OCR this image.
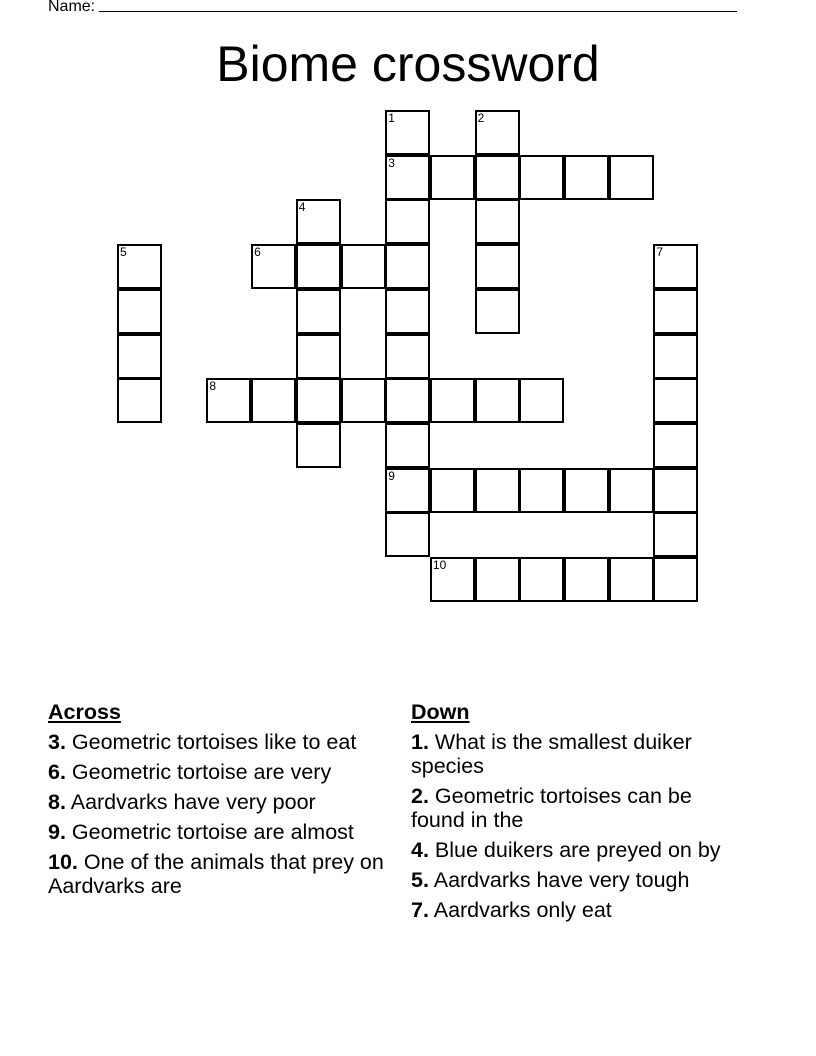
Name:
Biome crossword
1	2
3
4
5	6	7
8
9
10
Across
3. Geometric tortoises like to eat
6. Geometric tortoise are very
8. Aardvarks have very poor
9. Geometric tortoise are almost
10. One of the animals that prey on Aardvarks are
Down
1. What is the smallest duiker species
2. Geometric tortoises can be found in the
4. Blue duikers are preyed on by
5. Aardvarks have very tough
7. Aardvarks only eat
